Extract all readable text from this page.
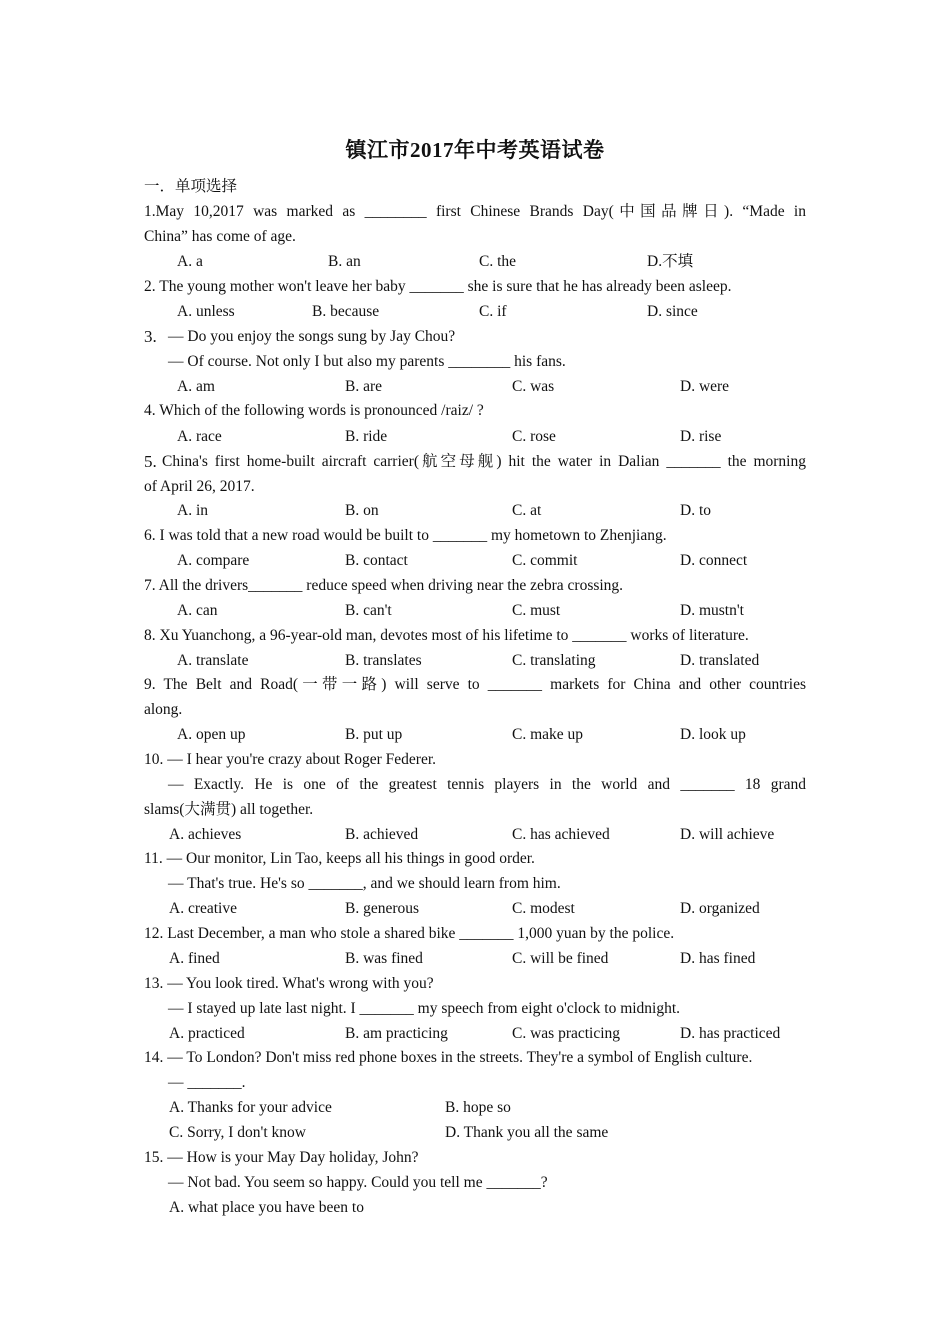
镇江市2017年中考英语试卷
一．单项选择
1.May 10,2017 was marked as ________ first Chinese Brands Day(中国品牌日). “Made in
China” has come of age.
A. a	B. an	C. the	D.不填
2. The young mother won't leave her baby _______ she is sure that he has already been asleep.
A. unless	B. because	C. if	D. since
3. — Do you enjoy the songs sung by Jay Chou?
— Of course. Not only I but also my parents ________ his fans.
A. am	B. are	C. was	D. were
4. Which of the following words is pronounced /raiz/ ?
A. race	B. ride	C. rose	D. rise
5. China's first home-built aircraft carrier(航空母舰) hit the water in Dalian _______ the morning
of April 26, 2017.
A. in	B. on	C. at	D. to
6. I was told that a new road would be built to _______ my hometown to Zhenjiang.
A. compare	B. contact	C. commit	D. connect
7. All the drivers_______ reduce speed when driving near the zebra crossing.
A. can	B. can't	C. must	D. mustn't
8. Xu Yuanchong, a 96-year-old man, devotes most of his lifetime to _______ works of literature.
A. translate	B. translates	C. translating	D. translated
9. The Belt and Road(一带一路) will serve to _______ markets for China and other countries
along.
A. open up	B. put up	C. make up	D. look up
10. — I hear you're crazy about Roger Federer.
— Exactly. He is one of the greatest tennis players in the world and _______ 18 grand
slams(大满贯) all together.
A. achieves	B. achieved	C. has achieved	D. will achieve
11. — Our monitor, Lin Tao, keeps all his things in good order.
— That's true. He's so _______, and we should learn from him.
A. creative	B. generous	C. modest	D. organized
12. Last December, a man who stole a shared bike _______ 1,000 yuan by the police.
A. fined	B. was fined	C. will be fined	D. has fined
13. — You look tired. What's wrong with you?
— I stayed up late last night. I _______ my speech from eight o'clock to midnight.
A. practiced	B. am practicing	C. was practicing	D. has practiced
14. — To London? Don't miss red phone boxes in the streets. They're a symbol of English culture.
— _______.
A. Thanks for your advice	B. hope so
C. Sorry, I don't know	D. Thank you all the same
15. — How is your May Day holiday, John?
— Not bad. You seem so happy. Could you tell me _______?
A. what place you have been to
